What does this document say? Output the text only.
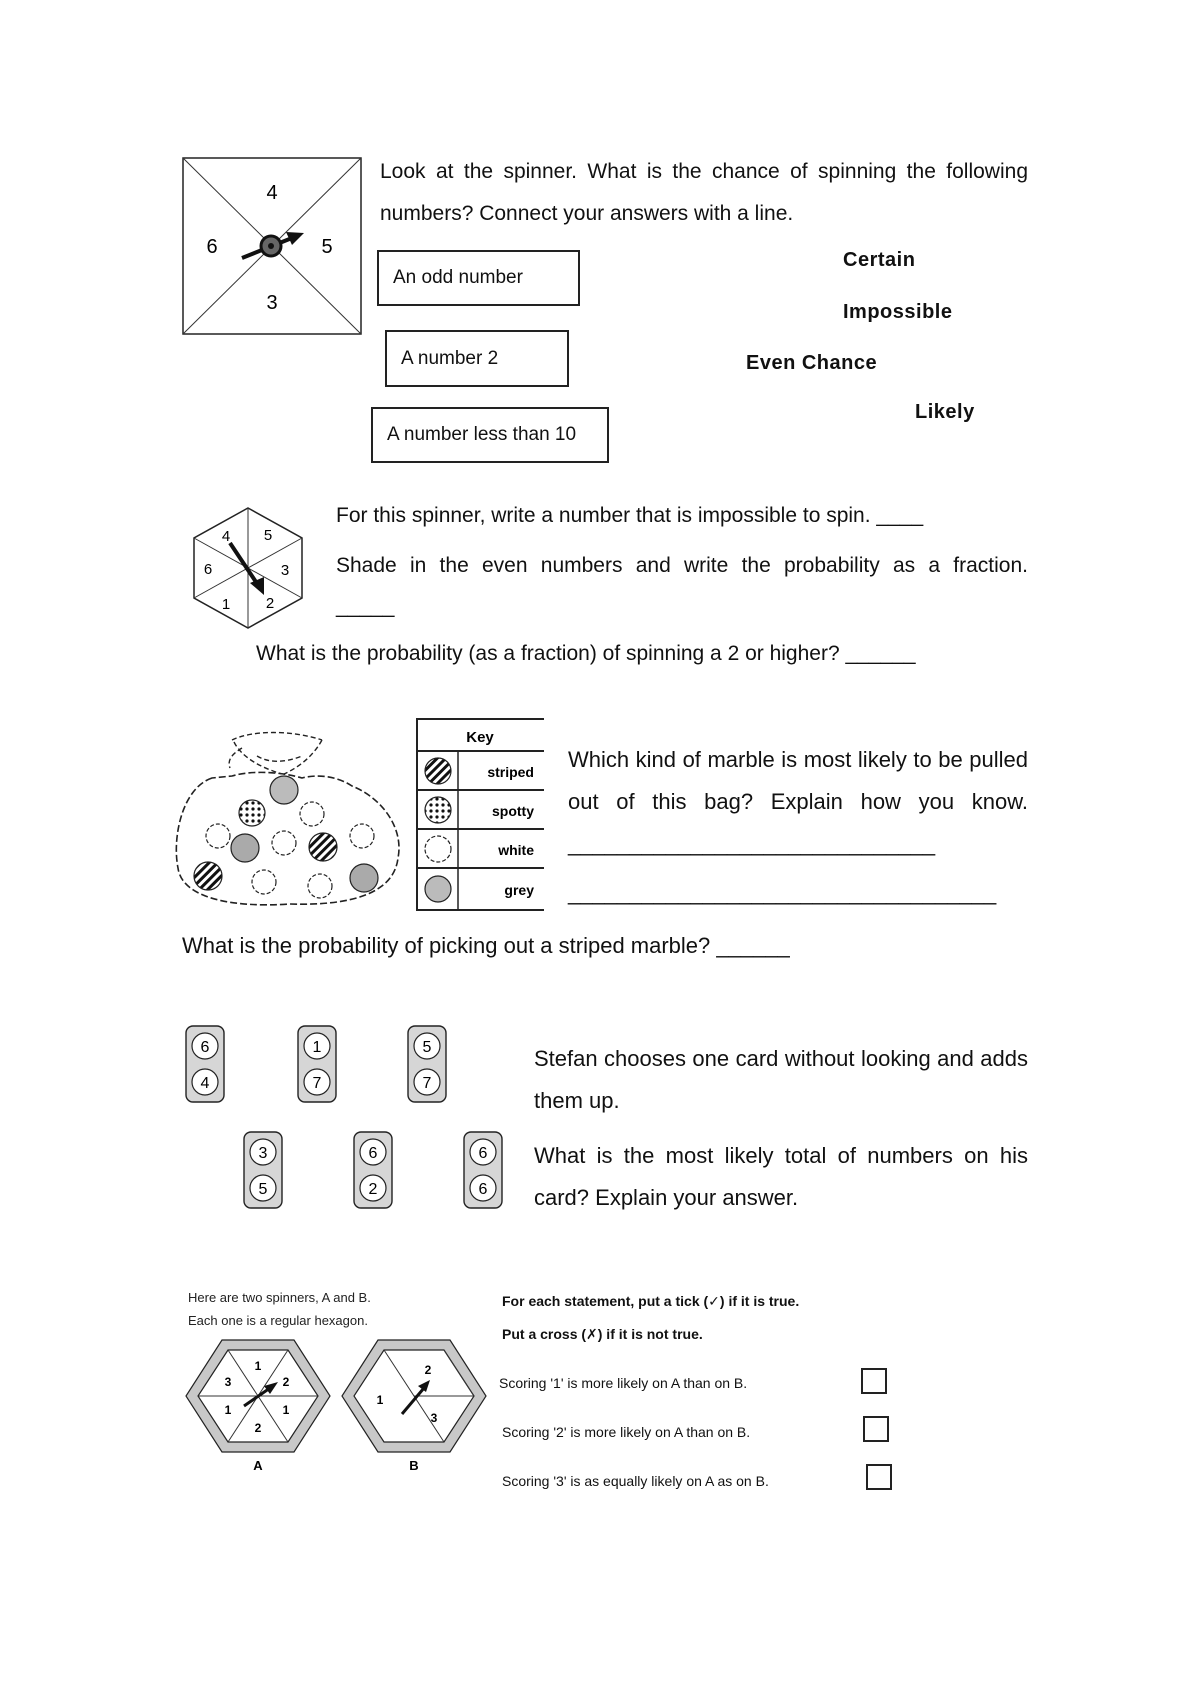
4
5
3
6
Look at the spinner. What is the chance of spinning the following numbers? Connect your answers with a line.
An odd number
A number 2
A number less than 10
Certain
Impossible
Even Chance
Likely
4 5
6	3
1 2
For this spinner, write a number that is impossible to spin. ____
Shade in the even numbers and write the probability as a fraction.
_____
What is the probability (as a fraction) of spinning a 2 or higher? ______
Key
striped
spotty
white
grey
Which kind of marble is most likely to be pulled out of this bag? Explain how you know. ______________________________
___________________________________
What is the probability of picking out a striped marble? ______
6
4
1
7
5
7
3
5
6
2
6
6
Stefan chooses one card without looking and adds them up.
What is the most likely total of numbers on his card? Explain your answer.
Here are two spinners, A and B.
Each one is a regular hexagon.
1
2
1
2
1
3
A
2
3
1
B
For each statement, put a tick (✓) if it is true.
Put a cross (✗) if it is not true.
Scoring '1' is more likely on A than on B.
Scoring '2' is more likely on A than on B.
Scoring '3' is as equally likely on A as on B.
